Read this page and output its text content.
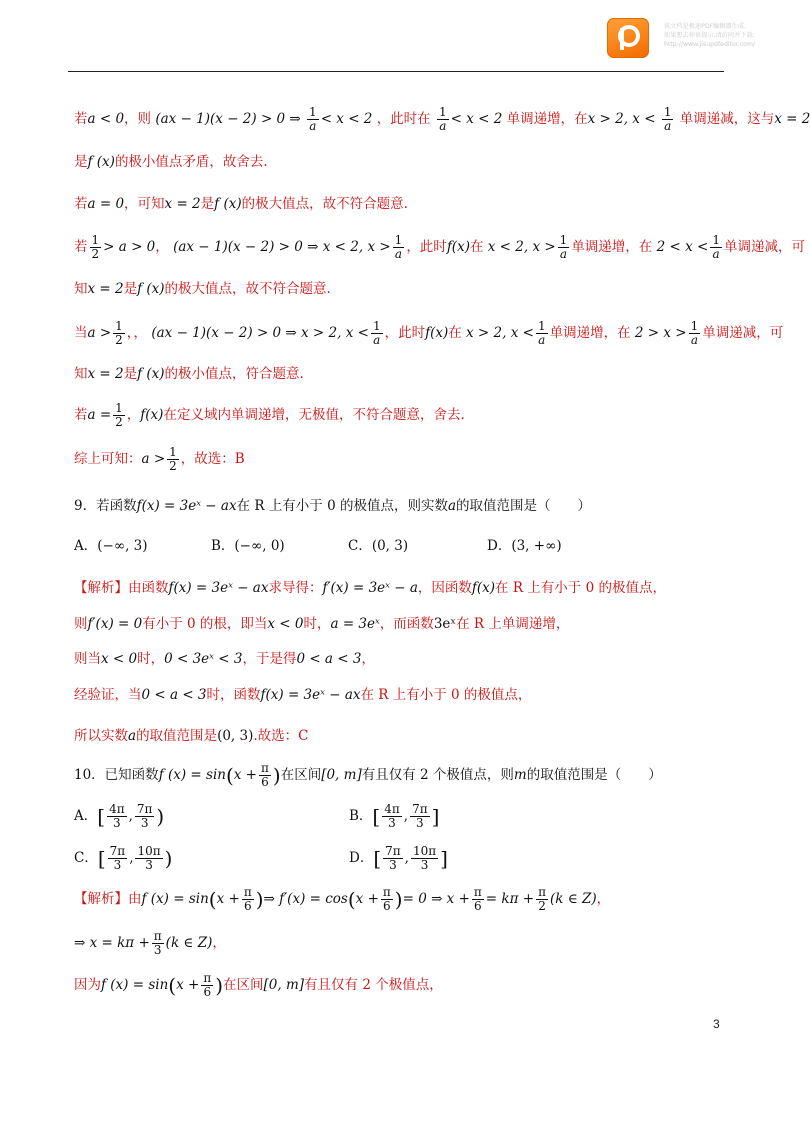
该文档是极速PDF编辑器生成,
如果想去掉该提示,请访问并下载:
http://www.jisupdfeditor.com/
若a < 0，则 (ax − 1)(x − 2) > 0 ⇒ $\frac{1}{a} < x < 2$ ，此时在 $\frac{1}{a} < x < 2$ 单调递增，在x > 2, $x < \frac{1}{a}$ 单调递减，这与x = 2
是f (x)的极小值点矛盾，故舍去.
若a = 0，可知x = 2是f (x)的极大值点，故不符合题意.
若 $\frac{1}{2} > a > 0$， (ax − 1)(x − 2) > 0 ⇒ x < 2, $x > \frac{1}{a}$ ，此时f(x)在 x < 2, $x > \frac{1}{a}$ 单调递增，在 $2 < x < \frac{1}{a}$ 单调递减，可
知x = 2是f (x)的极大值点，故不符合题意.
当$a > \frac{1}{2}$ ，， (ax − 1)(x − 2) > 0 ⇒ x > 2, $x < \frac{1}{a}$ ，此时f(x)在 x > 2, $x < \frac{1}{a}$ 单调递增，在 $2 > x > \frac{1}{a}$ 单调递减，可
知x = 2是f (x)的极小值点，符合题意.
若$a = \frac{1}{2}$ ，f(x)在定义域内单调递增，无极值，不符合题意，舍去.
综上可知：$a > \frac{1}{2}$ ，故选：B
9．若函数f(x) = 3eˣ − ax在 R 上有小于 0 的极值点，则实数a的取值范围是（　　）
A．(−∞, 3)	B．(−∞, 0)	C．(0, 3)	D．(3, +∞)
【解析】由函数f(x) = 3eˣ − ax求导得：f′(x) = 3eˣ − a，因函数f(x)在 R 上有小于 0 的极值点，
则f′(x) = 0有小于 0 的根，即当x < 0时，a = 3eˣ，而函数3eˣ在 R 上单调递增，
则当x < 0时，0 < 3eˣ < 3，于是得0 < a < 3，
经验证，当0 < a < 3时，函数f(x) = 3eˣ − ax在 R 上有小于 0 的极值点，
所以实数a的取值范围是(0, 3).故选：C
10．已知函数f $(x) = \sin(x + \frac{\pi}{6}$ )在区间[0, m]有且仅有 2 个极值点，则m的取值范围是（　　）
A．[ $\frac{4\pi}{3}$ , $\frac{7\pi}{3}$ )	B．[ $\frac{4\pi}{3}$ , $\frac{7\pi}{3}$ ]
C．[ $\frac{7\pi}{3}$ , $\frac{10\pi}{3}$ )	D．[ $\frac{7\pi}{3}$ , $\frac{10\pi}{3}$ ]
【解析】由f $(x) = \sin(x + \frac{\pi}{6}$ )⇒ $f'(x) = \cos(x + \frac{\pi}{6}$ )= 0 ⇒ $x + \frac{\pi}{6} = k\pi + \frac{\pi}{2} (k$ ∈ Z)，
⇒ $x = k\pi + \frac{\pi}{3} (k$ ∈ Z)，
因为f $(x) = \sin(x + \frac{\pi}{6}$ )在区间[0, m]有且仅有 2 个极值点，
3
